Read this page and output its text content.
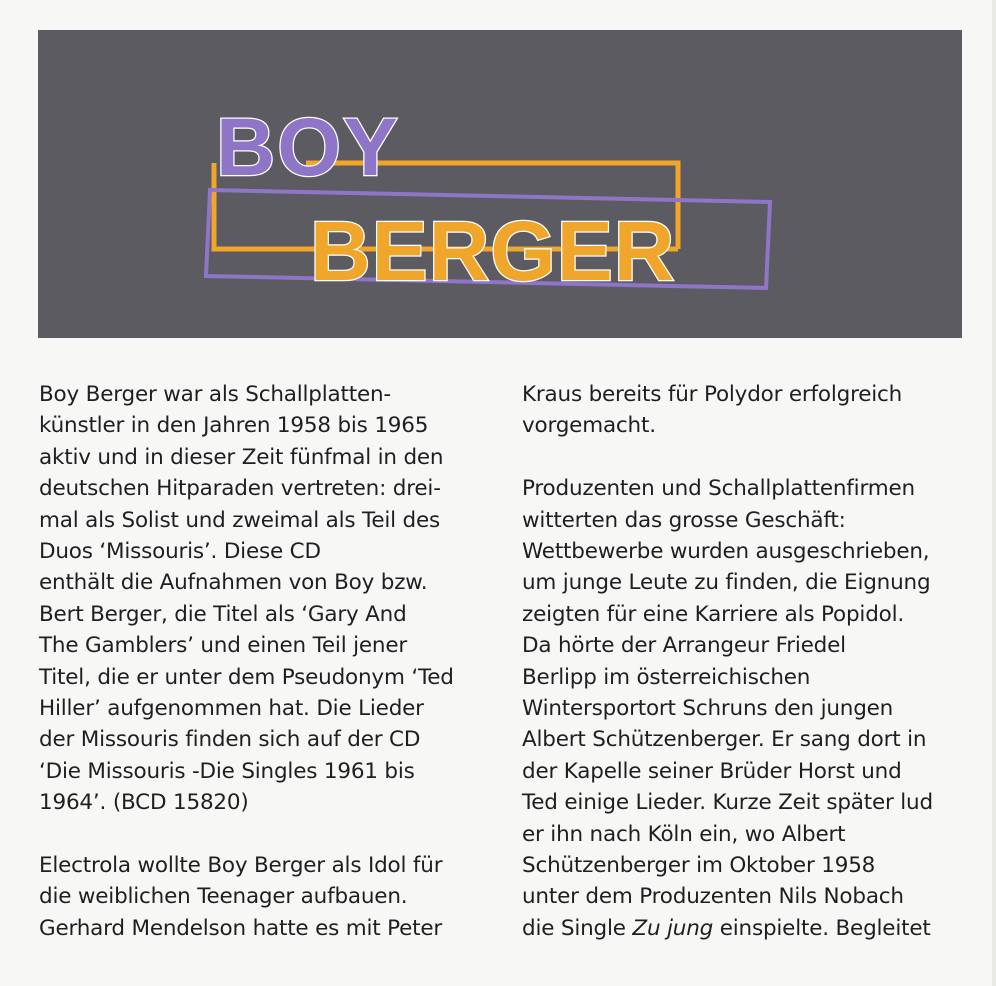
BOY
BERGER
Boy Berger war als Schallplatten-
künstler in den Jahren 1958 bis 1965
aktiv und in dieser Zeit fünfmal in den
deutschen Hitparaden vertreten: drei-
mal als Solist und zweimal als Teil des
Duos ‘Missouris’. Diese CD
enthält die Aufnahmen von Boy bzw.
Bert Berger, die Titel als ‘Gary And
The Gamblers’ und einen Teil jener
Titel, die er unter dem Pseudonym ‘Ted
Hiller’ aufgenommen hat. Die Lieder
der Missouris finden sich auf der CD
‘Die Missouris -Die Singles 1961 bis
1964’. (BCD 15820)
Electrola wollte Boy Berger als Idol für
die weiblichen Teenager aufbauen.
Gerhard Mendelson hatte es mit Peter
Kraus bereits für Polydor erfolgreich
vorgemacht.
Produzenten und Schallplattenfirmen
witterten das grosse Geschäft:
Wettbewerbe wurden ausgeschrieben,
um junge Leute zu finden, die Eignung
zeigten für eine Karriere als Popidol.
Da hörte der Arrangeur Friedel
Berlipp im österreichischen
Wintersportort Schruns den jungen
Albert Schützenberger. Er sang dort in
der Kapelle seiner Brüder Horst und
Ted einige Lieder. Kurze Zeit später lud
er ihn nach Köln ein, wo Albert
Schützenberger im Oktober 1958
unter dem Produzenten Nils Nobach
die Single Zu jung einspielte. Begleitet
